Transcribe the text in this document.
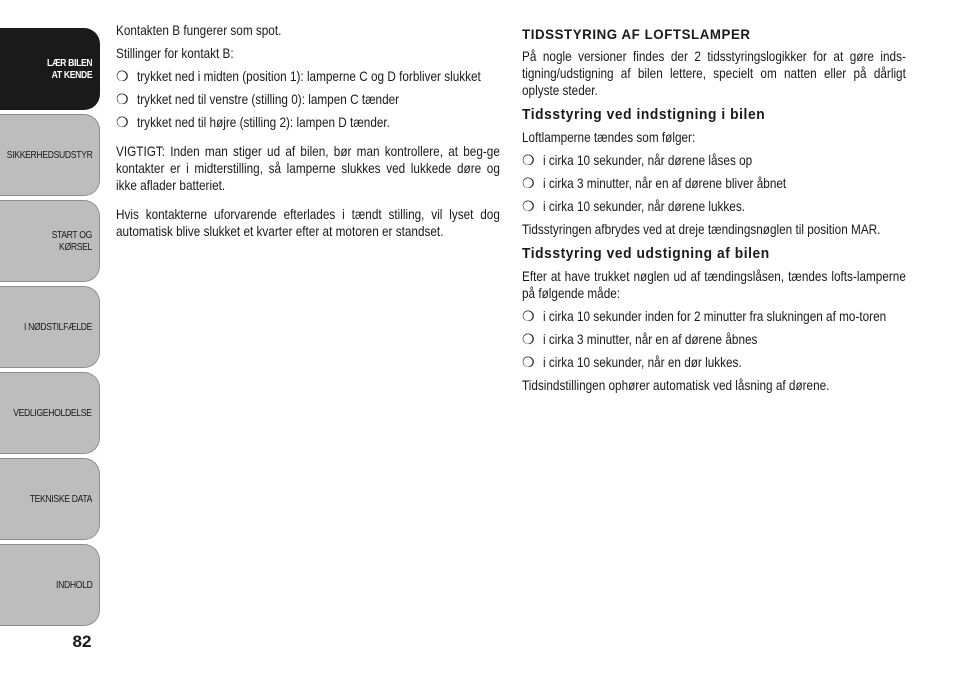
LÆR BILEN
AT KENDE
SIKKERHEDSUDSTYR
START OG KØRSEL
I NØDSTILFÆLDE
VEDLIGEHOLDELSE
TEKNISKE DATA
INDHOLD
82

Kontakten B fungerer som spot.

Stillinger for kontakt B:

❍ trykket ned i midten (position 1): lamperne C og D forbliver slukket
❍ trykket ned til venstre (stilling 0): lampen C tænder
❍ trykket ned til højre (stilling 2): lampen D tænder.

VIGTIGT: Inden man stiger ud af bilen, bør man kontrollere, at beg-ge kontakter er i midterstilling, så lamperne slukkes ved lukkede døre og ikke aflader batteriet.

Hvis kontakterne uforvarende efterlades i tændt stilling, vil lyset dog automatisk blive slukket et kvarter efter at motoren er standset.

TIDSSTYRING AF LOFTSLAMPER

På nogle versioner findes der 2 tidsstyringslogikker for at gøre inds-tigning/udstigning af bilen lettere, specielt om natten eller på dårligt oplyste steder.

Tidsstyring ved indstigning i bilen

Loftlamperne tændes som følger:

❍ i cirka 10 sekunder, når dørene låses op
❍ i cirka 3 minutter, når en af dørene bliver åbnet
❍ i cirka 10 sekunder, når dørene lukkes.

Tidsstyringen afbrydes ved at dreje tændingsnøglen til position MAR.

Tidsstyring ved udstigning af bilen

Efter at have trukket nøglen ud af tændingslåsen, tændes lofts-lamperne på følgende måde:

❍ i cirka 10 sekunder inden for 2 minutter fra slukningen af mo-toren
❍ i cirka 3 minutter, når en af dørene åbnes
❍ i cirka 10 sekunder, når en dør lukkes.

Tidsindstillingen ophører automatisk ved låsning af dørene.
